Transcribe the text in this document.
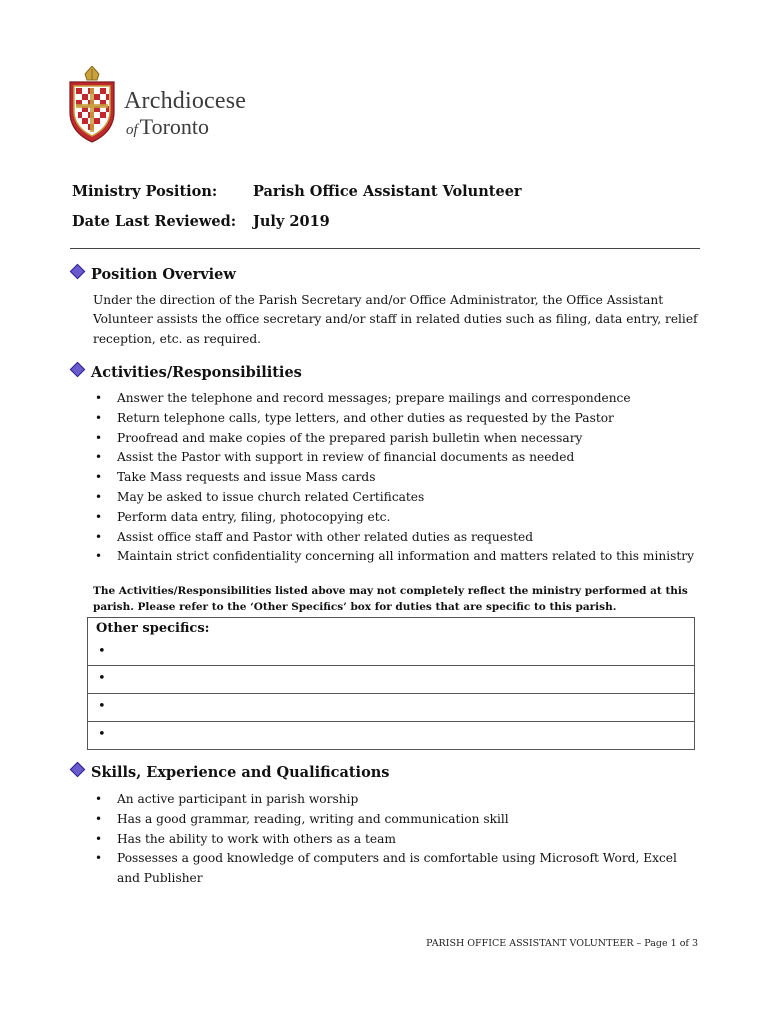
Archdiocese
ofToronto
Ministry Position: Parish Office Assistant Volunteer
Date Last Reviewed: July 2019
Position Overview
Under the direction of the Parish Secretary and/or Office Administrator, the Office Assistant Volunteer assists the office secretary and/or staff in related duties such as filing, data entry, relief reception, etc. as required.
Activities/Responsibilities
• Answer the telephone and record messages; prepare mailings and correspondence
• Return telephone calls, type letters, and other duties as requested by the Pastor
• Proofread and make copies of the prepared parish bulletin when necessary
• Assist the Pastor with support in review of financial documents as needed
• Take Mass requests and issue Mass cards
• May be asked to issue church related Certificates
• Perform data entry, filing, photocopying etc.
• Assist office staff and Pastor with other related duties as requested
• Maintain strict confidentiality concerning all information and matters related to this ministry
The Activities/Responsibilities listed above may not completely reflect the ministry performed at this parish. Please refer to the ‘Other Specifics’ box for duties that are specific to this parish.
Other specifics:
•
•
•
•
Skills, Experience and Qualifications
• An active participant in parish worship
• Has a good grammar, reading, writing and communication skill
• Has the ability to work with others as a team
• Possesses a good knowledge of computers and is comfortable using Microsoft Word, Excel and Publisher
PARISH OFFICE ASSISTANT VOLUNTEER – Page 1 of 3
